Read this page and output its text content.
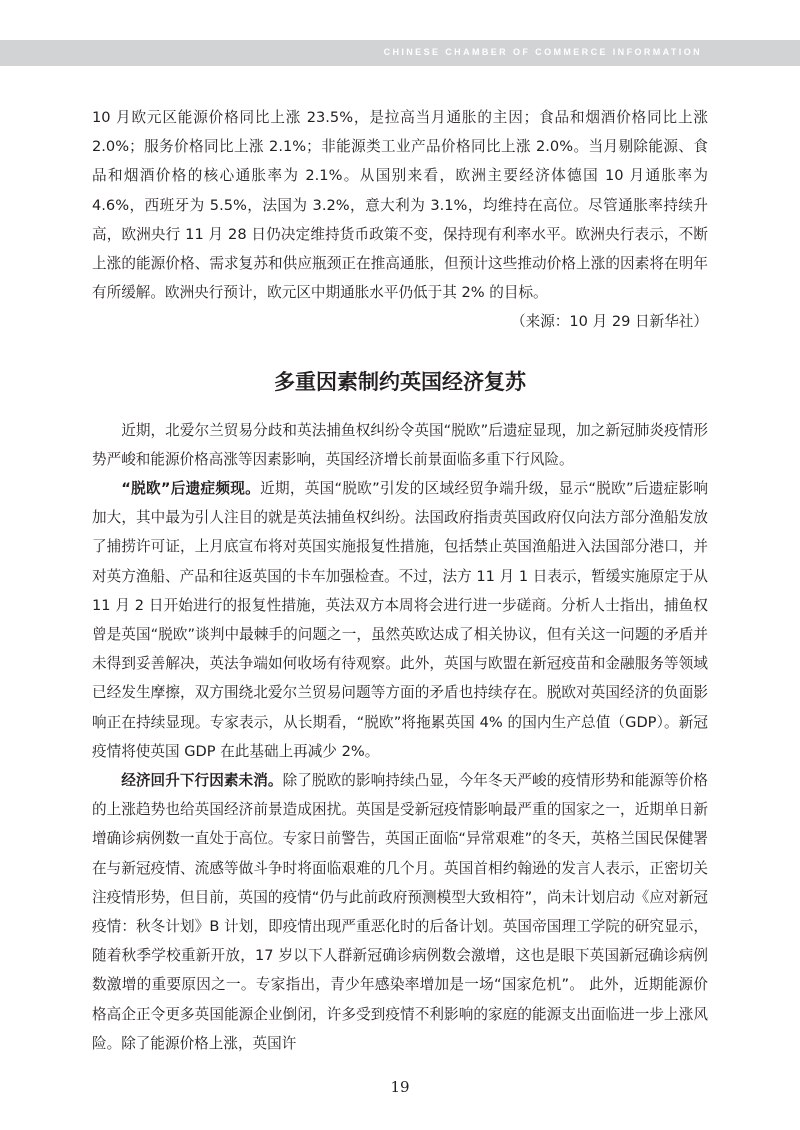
CHINESE CHAMBER OF COMMERCE INFORMATION

10 月欧元区能源价格同比上涨 23.5%，是拉高当月通胀的主因；食品和烟酒价格同比上涨 2.0%；服务价格同比上涨 2.1%；非能源类工业产品价格同比上涨 2.0%。当月剔除能源、食品和烟酒价格的核心通胀率为 2.1%。从国别来看，欧洲主要经济体德国 10 月通胀率为 4.6%，西班牙为 5.5%，法国为 3.2%，意大利为 3.1%，均维持在高位。尽管通胀率持续升高，欧洲央行 11 月 28 日仍决定维持货币政策不变，保持现有利率水平。欧洲央行表示，不断上涨的能源价格、需求复苏和供应瓶颈正在推高通胀，但预计这些推动价格上涨的因素将在明年有所缓解。欧洲央行预计，欧元区中期通胀水平仍低于其 2% 的目标。

（来源：10 月 29 日新华社）

多重因素制约英国经济复苏

近期，北爱尔兰贸易分歧和英法捕鱼权纠纷令英国“脱欧”后遗症显现，加之新冠肺炎疫情形势严峻和能源价格高涨等因素影响，英国经济增长前景面临多重下行风险。

“脱欧”后遗症频现。近期，英国“脱欧”引发的区域经贸争端升级，显示“脱欧”后遗症影响加大，其中最为引人注目的就是英法捕鱼权纠纷。法国政府指责英国政府仅向法方部分渔船发放了捕捞许可证，上月底宣布将对英国实施报复性措施，包括禁止英国渔船进入法国部分港口，并对英方渔船、产品和往返英国的卡车加强检查。不过，法方 11 月 1 日表示，暂缓实施原定于从 11 月 2 日开始进行的报复性措施，英法双方本周将会进行进一步磋商。分析人士指出，捕鱼权曾是英国“脱欧”谈判中最棘手的问题之一，虽然英欧达成了相关协议，但有关这一问题的矛盾并未得到妥善解决，英法争端如何收场有待观察。此外，英国与欧盟在新冠疫苗和金融服务等领域已经发生摩擦，双方围绕北爱尔兰贸易问题等方面的矛盾也持续存在。脱欧对英国经济的负面影响正在持续显现。专家表示，从长期看，“脱欧”将拖累英国 4% 的国内生产总值（GDP）。新冠疫情将使英国 GDP 在此基础上再减少 2%。

经济回升下行因素未消。除了脱欧的影响持续凸显，今年冬天严峻的疫情形势和能源等价格的上涨趋势也给英国经济前景造成困扰。英国是受新冠疫情影响最严重的国家之一，近期单日新增确诊病例数一直处于高位。专家日前警告，英国正面临“异常艰难”的冬天，英格兰国民保健署在与新冠疫情、流感等做斗争时将面临艰难的几个月。英国首相约翰逊的发言人表示，正密切关注疫情形势，但目前，英国的疫情“仍与此前政府预测模型大致相符”，尚未计划启动《应对新冠疫情：秋冬计划》B 计划，即疫情出现严重恶化时的后备计划。英国帝国理工学院的研究显示，随着秋季学校重新开放，17 岁以下人群新冠确诊病例数会激增，这也是眼下英国新冠确诊病例数激增的重要原因之一。专家指出，青少年感染率增加是一场“国家危机”。 此外，近期能源价格高企正令更多英国能源企业倒闭，许多受到疫情不利影响的家庭的能源支出面临进一步上涨风险。除了能源价格上涨，英国许

19
